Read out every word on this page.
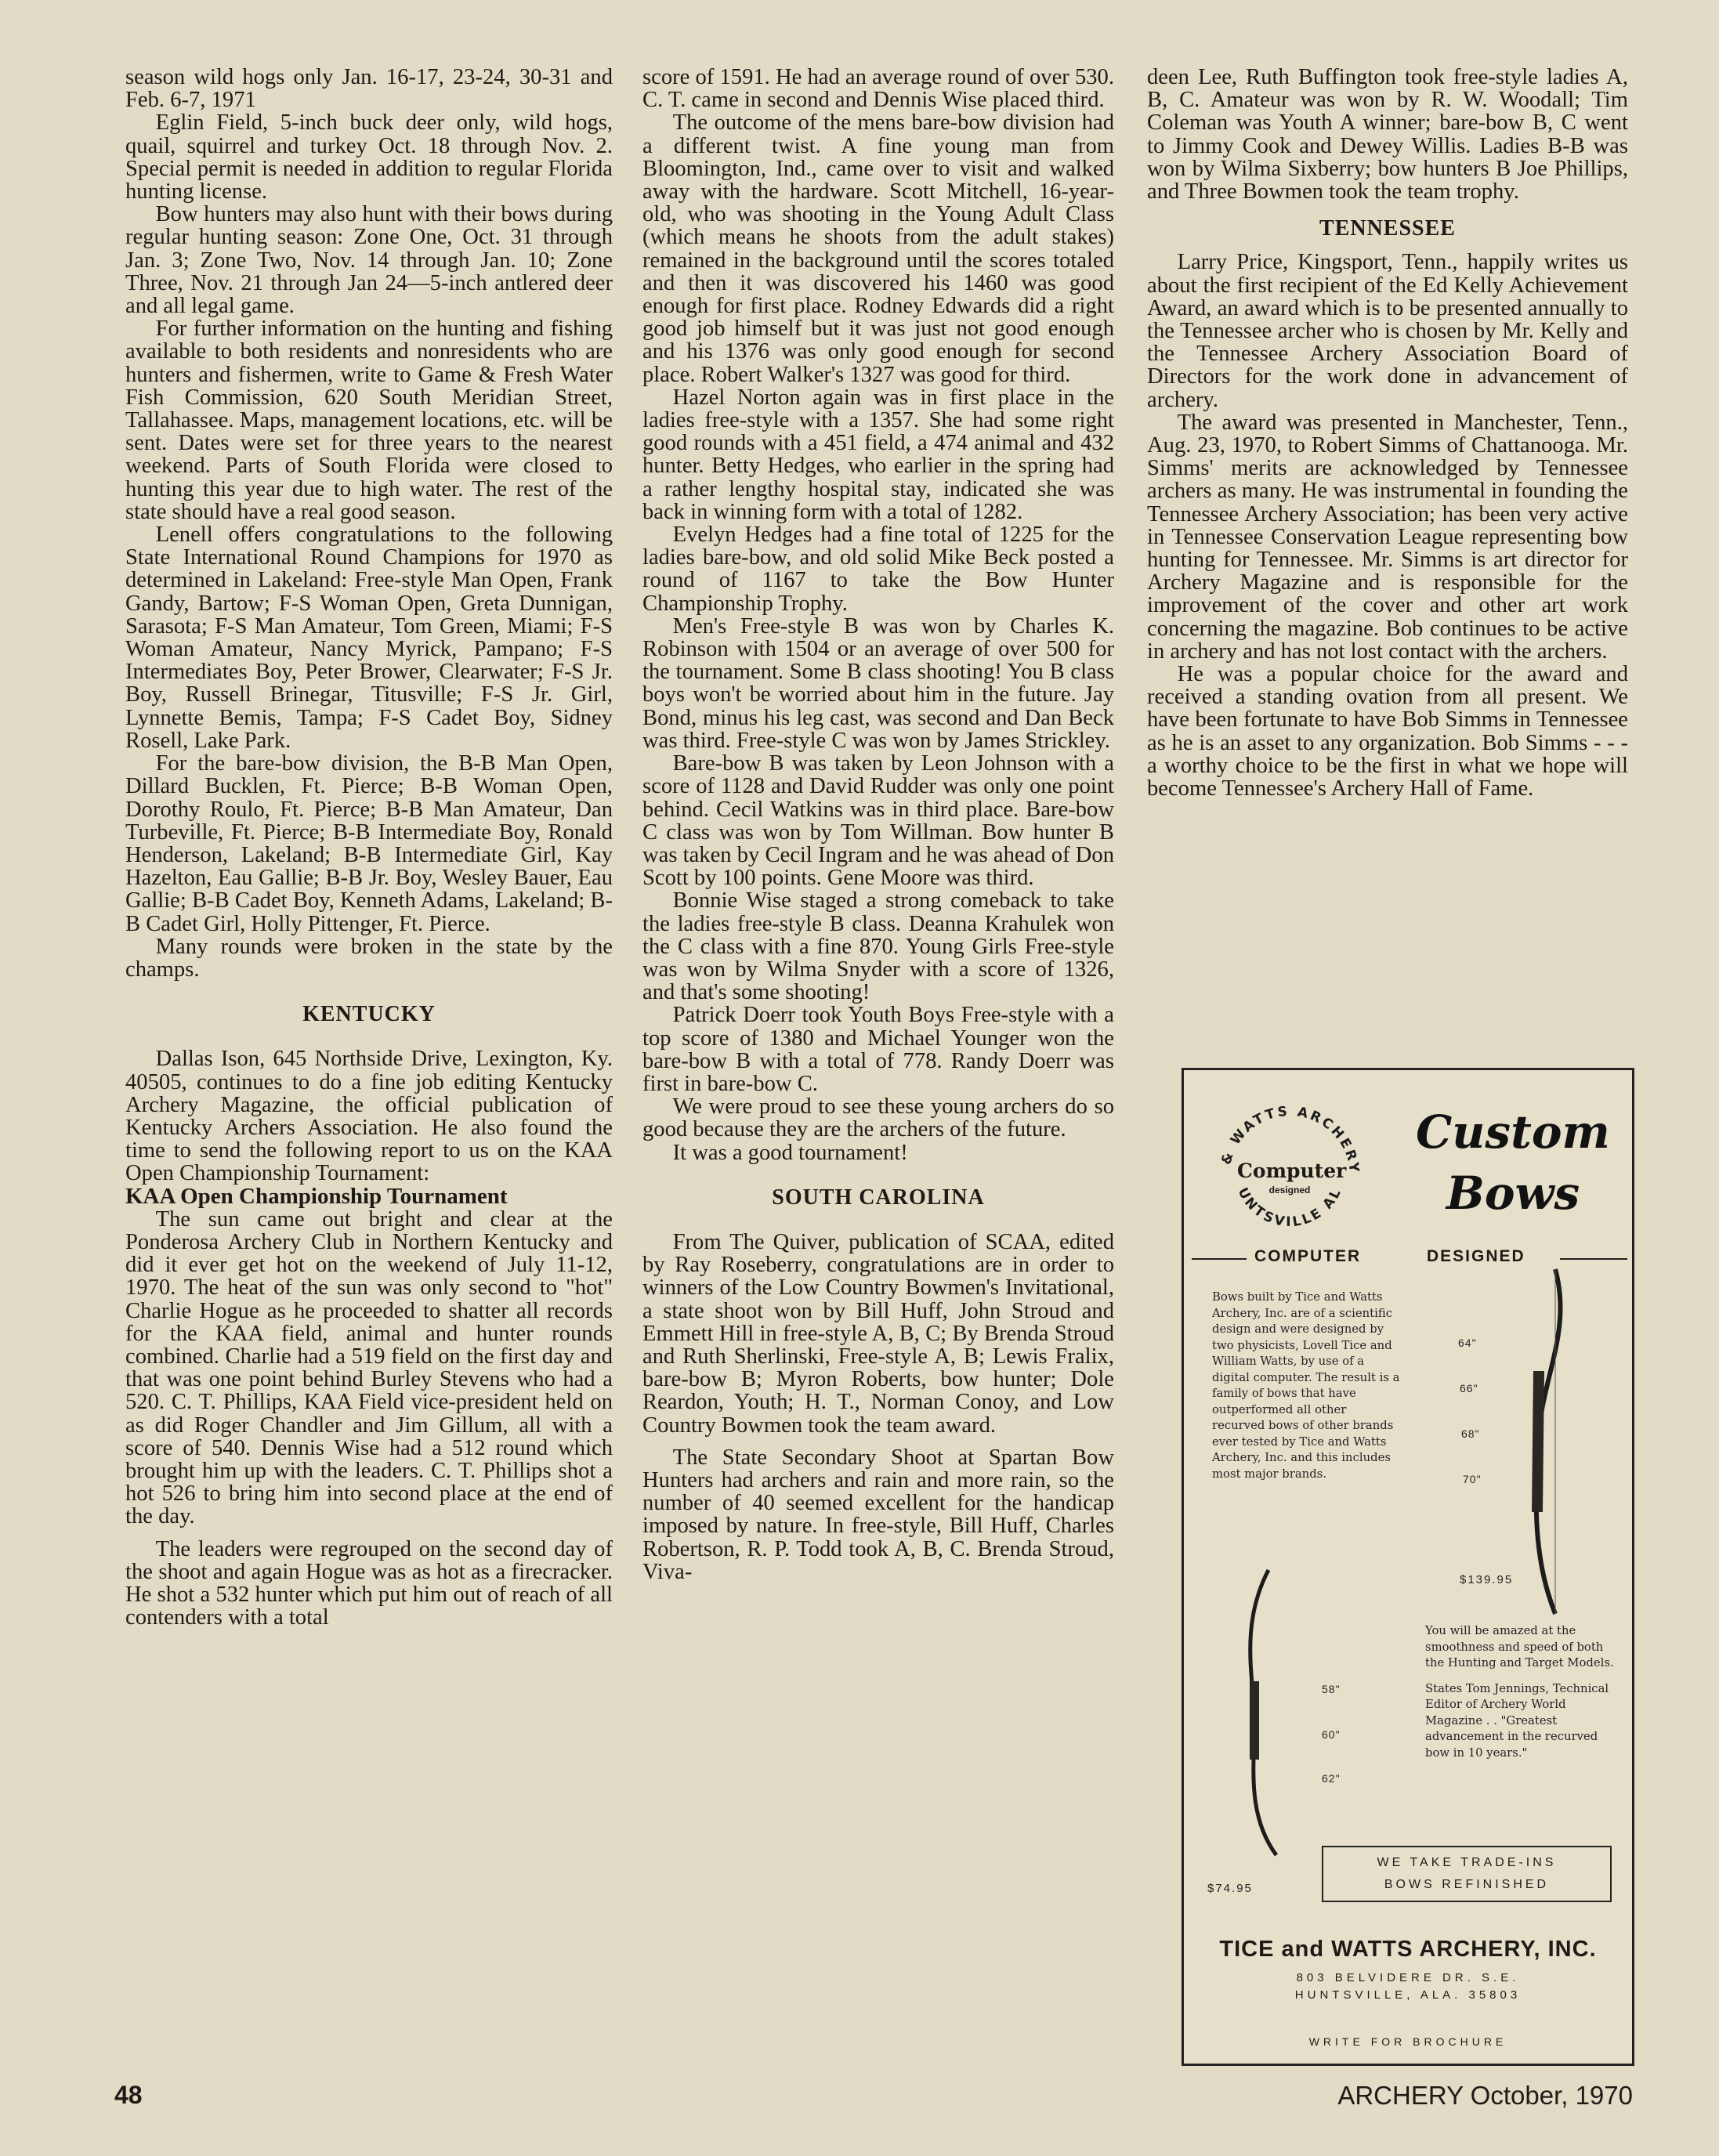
season wild hogs only Jan. 16-17, 23-24, 30-31 and Feb. 6-7, 1971

Eglin Field, 5-inch buck deer only, wild hogs, quail, squirrel and turkey Oct. 18 through Nov. 2. Special permit is needed in addition to regular Florida hunting license.

Bow hunters may also hunt with their bows during regular hunting season: Zone One, Oct. 31 through Jan. 3; Zone Two, Nov. 14 through Jan. 10; Zone Three, Nov. 21 through Jan 24—5-inch antlered deer and all legal game.

For further information on the hunting and fishing available to both residents and nonresidents who are hunters and fishermen, write to Game & Fresh Water Fish Commission, 620 South Meridian Street, Tallahassee. Maps, management locations, etc. will be sent. Dates were set for three years to the nearest weekend. Parts of South Florida were closed to hunting this year due to high water. The rest of the state should have a real good season.

Lenell offers congratulations to the following State International Round Champions for 1970 as determined in Lakeland: Free-style Man Open, Frank Gandy, Bartow; F-S Woman Open, Greta Dunnigan, Sarasota; F-S Man Amateur, Tom Green, Miami; F-S Woman Amateur, Nancy Myrick, Pampano; F-S Intermediates Boy, Peter Brower, Clearwater; F-S Jr. Boy, Russell Brinegar, Titusville; F-S Jr. Girl, Lynnette Bemis, Tampa; F-S Cadet Boy, Sidney Rosell, Lake Park.

For the bare-bow division, the B-B Man Open, Dillard Bucklen, Ft. Pierce; B-B Woman Open, Dorothy Roulo, Ft. Pierce; B-B Man Amateur, Dan Turbeville, Ft. Pierce; B-B Intermediate Boy, Ronald Henderson, Lakeland; B-B Intermediate Girl, Kay Hazelton, Eau Gallie; B-B Jr. Boy, Wesley Bauer, Eau Gallie; B-B Cadet Boy, Kenneth Adams, Lakeland; B-B Cadet Girl, Holly Pittenger, Ft. Pierce.

Many rounds were broken in the state by the champs.

KENTUCKY

Dallas Ison, 645 Northside Drive, Lexington, Ky. 40505, continues to do a fine job editing Kentucky Archery Magazine, the official publication of Kentucky Archers Association. He also found the time to send the following report to us on the KAA Open Championship Tournament:

KAA Open Championship Tournament

The sun came out bright and clear at the Ponderosa Archery Club in Northern Kentucky and did it ever get hot on the weekend of July 11-12, 1970. The heat of the sun was only second to "hot" Charlie Hogue as he proceeded to shatter all records for the KAA field, animal and hunter rounds combined. Charlie had a 519 field on the first day and that was one point behind Burley Stevens who had a 520. C. T. Phillips, KAA Field vice-president held on as did Roger Chandler and Jim Gillum, all with a score of 540. Dennis Wise had a 512 round which brought him up with the leaders. C. T. Phillips shot a hot 526 to bring him into second place at the end of the day.

The leaders were regrouped on the second day of the shoot and again Hogue was as hot as a firecracker. He shot a 532 hunter which put him out of reach of all contenders with a total

score of 1591. He had an average round of over 530. C. T. came in second and Dennis Wise placed third.

The outcome of the mens bare-bow division had a different twist. A fine young man from Bloomington, Ind., came over to visit and walked away with the hardware. Scott Mitchell, 16-year-old, who was shooting in the Young Adult Class (which means he shoots from the adult stakes) remained in the background until the scores totaled and then it was discovered his 1460 was good enough for first place. Rodney Edwards did a right good job himself but it was just not good enough and his 1376 was only good enough for second place. Robert Walker's 1327 was good for third.

Hazel Norton again was in first place in the ladies free-style with a 1357. She had some right good rounds with a 451 field, a 474 animal and 432 hunter. Betty Hedges, who earlier in the spring had a rather lengthy hospital stay, indicated she was back in winning form with a total of 1282.

Evelyn Hedges had a fine total of 1225 for the ladies bare-bow, and old solid Mike Beck posted a round of 1167 to take the Bow Hunter Championship Trophy.

Men's Free-style B was won by Charles K. Robinson with 1504 or an average of over 500 for the tournament. Some B class shooting! You B class boys won't be worried about him in the future. Jay Bond, minus his leg cast, was second and Dan Beck was third. Free-style C was won by James Strickley.

Bare-bow B was taken by Leon Johnson with a score of 1128 and David Rudder was only one point behind. Cecil Watkins was in third place. Bare-bow C class was won by Tom Willman. Bow hunter B was taken by Cecil Ingram and he was ahead of Don Scott by 100 points. Gene Moore was third.

Bonnie Wise staged a strong comeback to take the ladies free-style B class. Deanna Krahulek won the C class with a fine 870. Young Girls Free-style was won by Wilma Snyder with a score of 1326, and that's some shooting!

Patrick Doerr took Youth Boys Free-style with a top score of 1380 and Michael Younger won the bare-bow B with a total of 778. Randy Doerr was first in bare-bow C.

We were proud to see these young archers do so good because they are the archers of the future.

It was a good tournament!

SOUTH CAROLINA

From The Quiver, publication of SCAA, edited by Ray Roseberry, congratulations are in order to winners of the Low Country Bowmen's Invitational, a state shoot won by Bill Huff, John Stroud and Emmett Hill in free-style A, B, C; By Brenda Stroud and Ruth Sherlinski, Free-style A, B; Lewis Fralix, bare-bow B; Myron Roberts, bow hunter; Dole Reardon, Youth; H. T., Norman Conoy, and Low Country Bowmen took the team award.

The State Secondary Shoot at Spartan Bow Hunters had archers and rain and more rain, so the number of 40 seemed excellent for the handicap imposed by nature. In free-style, Bill Huff, Charles Robertson, R. P. Todd took A, B, C. Brenda Stroud, Viva-

deen Lee, Ruth Buffington took free-style ladies A, B, C. Amateur was won by R. W. Woodall; Tim Coleman was Youth A winner; bare-bow B, C went to Jimmy Cook and Dewey Willis. Ladies B-B was won by Wilma Sixberry; bow hunters B Joe Phillips, and Three Bowmen took the team trophy.

TENNESSEE

Larry Price, Kingsport, Tenn., happily writes us about the first recipient of the Ed Kelly Achievement Award, an award which is to be presented annually to the Tennessee archer who is chosen by Mr. Kelly and the Tennessee Archery Association Board of Directors for the work done in advancement of archery.

The award was presented in Manchester, Tenn., Aug. 23, 1970, to Robert Simms of Chattanooga. Mr. Simms' merits are acknowledged by Tennessee archers as many. He was instrumental in founding the Tennessee Archery Association; has been very active in Tennessee Conservation League representing bow hunting for Tennessee. Mr. Simms is art director for Archery Magazine and is responsible for the improvement of the cover and other art work concerning the magazine. Bob continues to be active in archery and has not lost contact with the archers.

He was a popular choice for the award and received a standing ovation from all present. We have been fortunate to have Bob Simms in Tennessee as he is an asset to any organization. Bob Simms - - - a worthy choice to be the first in what we hope will become Tennessee's Archery Hall of Fame.

& WATTS ARCHERY
UNTSVILLE AL
Computer
designed
Custom
Bows
COMPUTER	DESIGNED

Bows built by Tice and Watts Archery, Inc. are of a scientific design and were designed by two physicists, Lovell Tice and William Watts, by use of a digital computer. The result is a family of bows that have outperformed all other recurved bows of other brands ever tested by Tice and Watts Archery, Inc. and this includes most major brands.

64"
66"
68"
70"
$139.95
58"
60"
62"
$74.95

You will be amazed at the smoothness and speed of both the Hunting and Target Models.

States Tom Jennings, Technical Editor of Archery World Magazine . . "Greatest advancement in the recurved bow in 10 years."

WE TAKE TRADE-INS
BOWS REFINISHED
TICE and WATTS ARCHERY, INC.
803 BELVIDERE DR. S.E.
HUNTSVILLE, ALA. 35803
WRITE FOR BROCHURE
48	ARCHERY October, 1970
